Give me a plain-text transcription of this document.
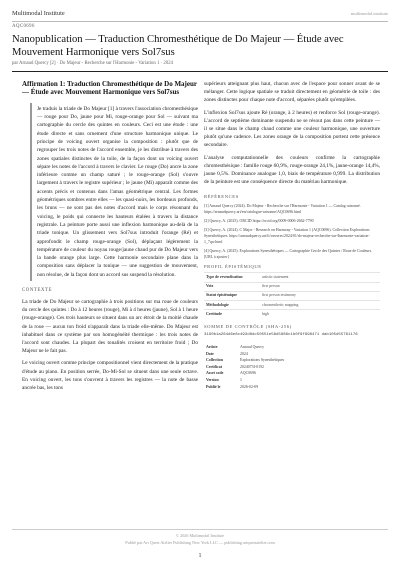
Multimodal Institute	multimodal.institute
AQC0696
Nanopublication — Traduction Chromesthétique de Do Majeur — Étude avec Mouvement Harmonique vers Sol7sus
par Arnaud Quercy [2] · Do Majeur - Recherche sur l'Harmonie - Variation 1 · 2024
Affirmation 1: Traduction Chromesthétique de Do Majeur — Étude avec Mouvement Harmonique vers Sol7sus

Je traduis la triade de Do Majeur [1] à travers l'association chromesthésique — rouge pour Do, jaune pour Mi, rouge-orange pour Sol — suivant ma cartographie du cercle des quintes en couleurs. Ceci est une étude : une étude directe et sans ornement d'une structure harmonique unique. Le principe de voicing ouvert organise la composition : plutôt que de regrouper les trois notes de l'accord ensemble, je les distribue à travers des zones spatiales distinctes de la toile, de la façon dont un voicing ouvert sépare les notes de l'accord à travers le clavier. Le rouge (Do) ancre la zone inférieure comme un champ saturé ; le rouge-orange (Sol) s'ouvre largement à travers le registre supérieur ; le jaune (Mi) apparaît comme des accents précis et contenus dans l'amas géométrique central. Les formes géométriques sombres entre elles — les quasi-noirs, les bordeaux profonds, les bruns — ne sont pas des notes d'accord mais le corps résonnant du voicing, le poids qui connecte les hauteurs étalées à travers la distance registrale. La peinture porte aussi une inflexion harmonique au-delà de la triade tonique. Un glissement vers Sol7sus introduit l'orange (Ré) et approfondit le champ rouge-orange (Sol), déplaçant légèrement la température de couleur du noyau rouge/jaune chaud pur de Do Majeur vers la bande orange plus large. Cette harmonie secondaire plane dans la composition sans déplacer la tonique — une suggestion de mouvement, non résolue, de la façon dont un accord sus suspend la résolution.

CONTEXTE

La triade de Do Majeur se cartographie à trois positions sur ma roue de couleurs du cercle des quintes : Do à 12 heures (rouge), Mi à 4 heures (jaune), Sol à 1 heure (rouge-orange). Ces trois hauteurs se situent dans un arc étroit de la moitié chaude de la roue — aucun ton froid n'apparaît dans la triade elle-même. Do Majeur est inhabituel dans ce système par son homogénéité thermique : les trois notes de l'accord sont chaudes. La plupart des tonalités croisent en territoire froid ; Do Majeur ne le fait pas.

Le voicing ouvert comme principe compositionnel vient directement de la pratique d'étude au piano. En position serrée, Do-Mi-Sol se situent dans une seule octave. En voicing ouvert, les tons s'ouvrent à travers les registres — la note de basse ancrée bas, les tons

supérieurs atteignant plus haut, chacun avec de l'espace pour sonner avant de se mélanger. Cette logique spatiale se traduit directement en géométrie de toile : des zones distinctes pour chaque note d'accord, séparées plutôt qu'empilées.

L'inflexion Sol7sus ajoute Ré (orange, à 2 heures) et renforce Sol (rouge-orange). L'accord de septième dominante suspendu ne se résout pas dans cette peinture — il se situe dans le champ chaud comme une couleur harmonique, une ouverture plutôt qu'une cadence. Les zones orange de la composition portent cette présence secondaire.

L'analyse computationnelle des couleurs confirme la cartographie chromesthésique : famille rouge 60,9%, rouge-orange 24,1%, jaune-orange 14,4%, jaune 0,5%. Dominance analogue 1,0, biais de température 0,999. La distribution de la peinture est une conséquence directe du matériau harmonique.

RÉFÉRENCES
[1] Arnaud Quercy (2024). Do Majeur - Recherche sur l'Harmonie - Variation 1 — Catalog raisonné. https://arnaudquercy.art/en/catalogue-raisonne/AQC0696.html
[2] Quercy, A. (2025). ORCID https://orcid.org/0009-0006-2662-7790
[3] Quercy, A. (2024). C Major - Research on Harmony - Variation 1 (AQC0696). Collection Explorations Synesthétiques. https://arnaudquercy.art/fr/oeuvres/2024/01/do-majeur-recherche-sur-lharmonie-variation-1_7qw.html
[4] Quercy, A. (2025). Explorations Synesthétiques — Cartographie Cercle des Quintes / Roue de Couleurs. [URL à ajouter]
PROFIL ÉPISTÉMIQUE
Type de revendication	artistic statement
Voix	first person
Statut épistémique	first person testimony
Méthodologie	chromesthetic mapping
Certitude	high
SOMME DE CONTRÔLE (SHA-256)
3190b1a264d6e8c493d8dc50551e58d5886c1b0f9f998471 dab105d55761176
Artiste	Arnaud Quercy
Date	2024
Collection	Explorations Synesthétiques
Certificat	2024073I-0192
Asset code	AQC0696
Version	1
Publié le	2026-02-09
© 2026 Multimodal Institute
Publié par Art Quest Atelier Publishing New York LLC — publishing.artquestatelier.com
1
